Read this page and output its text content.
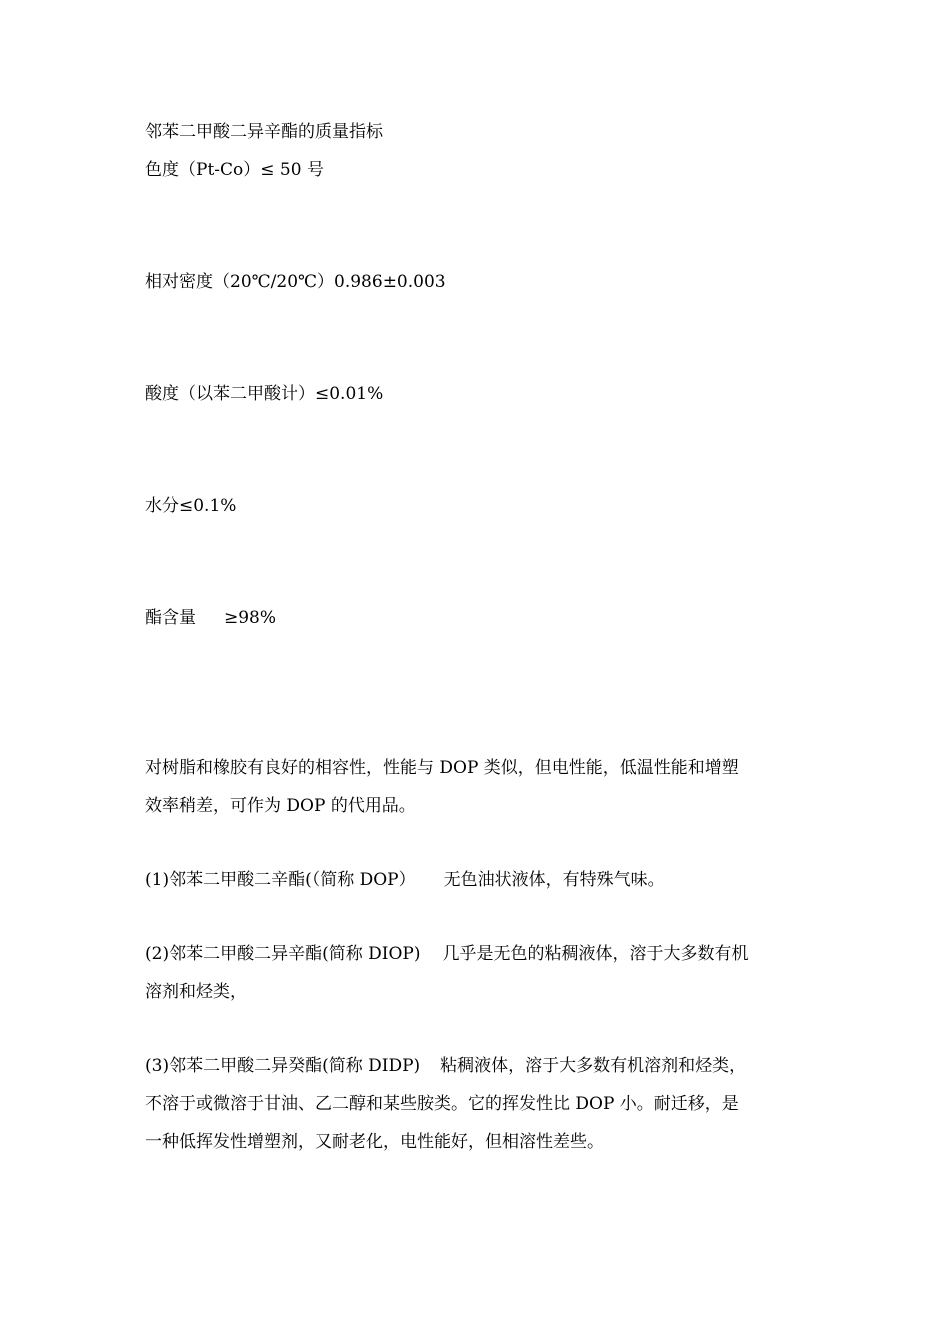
邻苯二甲酸二异辛酯的质量指标
色度（Pt-Co）≤ 50 号
相对密度（20℃/20℃）0.986±0.003
酸度（以苯二甲酸计）≤0.01%
水分≤0.1%
酯含量 ≥98%
对树脂和橡胶有良好的相容性，性能与 DOP 类似，但电性能，低温性能和增塑
效率稍差，可作为 DOP 的代用品。
(1)邻苯二甲酸二辛酯(（简称 DOP） 无色油状液体，有特殊气味。
(2)邻苯二甲酸二异辛酯(简称 DIOP) 几乎是无色的粘稠液体，溶于大多数有机
溶剂和烃类，
(3)邻苯二甲酸二异癸酯(简称 DIDP) 粘稠液体，溶于大多数有机溶剂和烃类，
不溶于或微溶于甘油、乙二醇和某些胺类。它的挥发性比 DOP 小。耐迁移，是
一种低挥发性增塑剂，又耐老化，电性能好，但相溶性差些。
